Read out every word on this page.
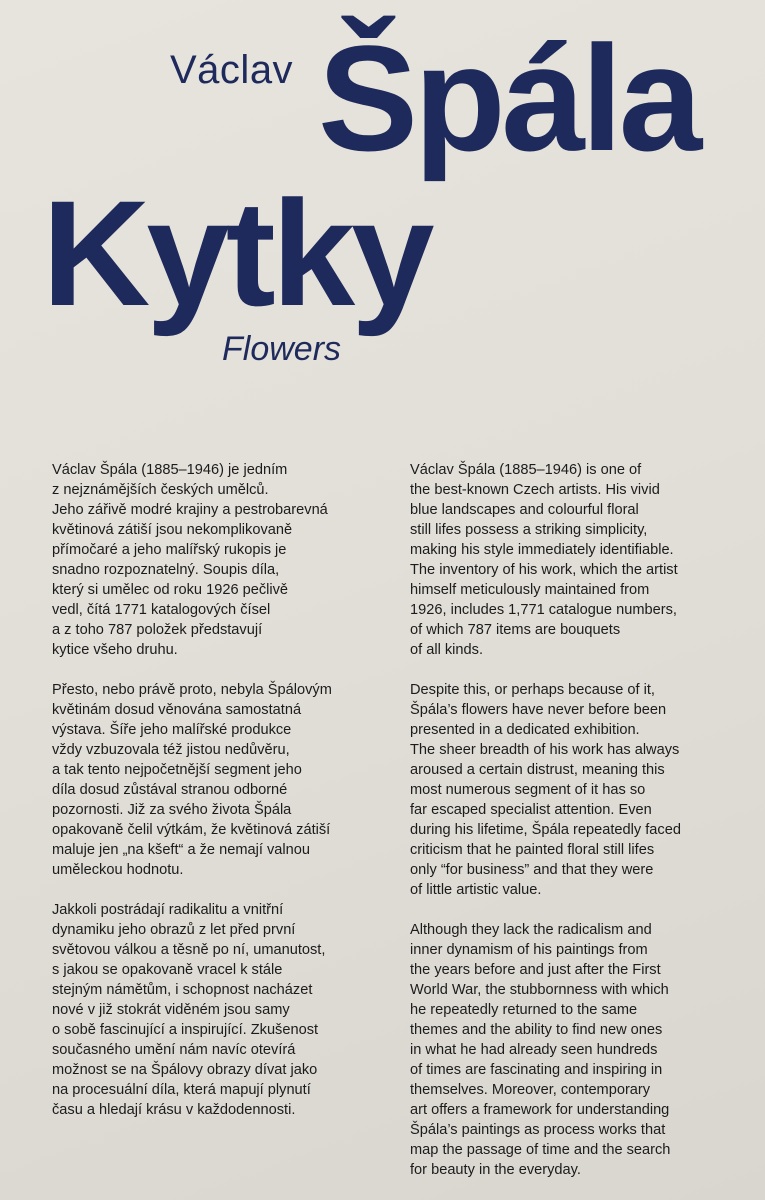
Václav Špála
Kytky
Flowers

Václav Špála (1885–1946) je jedním
z nejznámějších českých umělců.
Jeho zářivě modré krajiny a pestrobarevná
květinová zátiší jsou nekomplikovaně
přímočaré a jeho malířský rukopis je
snadno rozpoznatelný. Soupis díla,
který si umělec od roku 1926 pečlivě
vedl, čítá 1771 katalogových čísel
a z toho 787 položek představují
kytice všeho druhu.

Přesto, nebo právě proto, nebyla Špálovým
květinám dosud věnována samostatná
výstava. Šíře jeho malířské produkce
vždy vzbuzovala též jistou nedůvěru,
a tak tento nejpočetnější segment jeho
díla dosud zůstával stranou odborné
pozornosti. Již za svého života Špála
opakovaně čelil výtkám, že květinová zátiší
maluje jen „na kšeft“ a že nemají valnou
uměleckou hodnotu.

Jakkoli postrádají radikalitu a vnitřní
dynamiku jeho obrazů z let před první
světovou válkou a těsně po ní, umanutost,
s jakou se opakovaně vracel k stále
stejným námětům, i schopnost nacházet
nové v již stokrát viděném jsou samy
o sobě fascinující a inspirující. Zkušenost
současného umění nám navíc otevírá
možnost se na Špálovy obrazy dívat jako
na procesuální díla, která mapují plynutí
času a hledají krásu v každodennosti.

Václav Špála (1885–1946) is one of
the best-known Czech artists. His vivid
blue landscapes and colourful floral
still lifes possess a striking simplicity,
making his style immediately identifiable.
The inventory of his work, which the artist
himself meticulously maintained from
1926, includes 1,771 catalogue numbers,
of which 787 items are bouquets
of all kinds.

Despite this, or perhaps because of it,
Špála’s flowers have never before been
presented in a dedicated exhibition.
The sheer breadth of his work has always
aroused a certain distrust, meaning this
most numerous segment of it has so
far escaped specialist attention. Even
during his lifetime, Špála repeatedly faced
criticism that he painted floral still lifes
only “for business” and that they were
of little artistic value.

Although they lack the radicalism and
inner dynamism of his paintings from
the years before and just after the First
World War, the stubbornness with which
he repeatedly returned to the same
themes and the ability to find new ones
in what he had already seen hundreds
of times are fascinating and inspiring in
themselves. Moreover, contemporary
art offers a framework for understanding
Špála’s paintings as process works that
map the passage of time and the search
for beauty in the everyday.
